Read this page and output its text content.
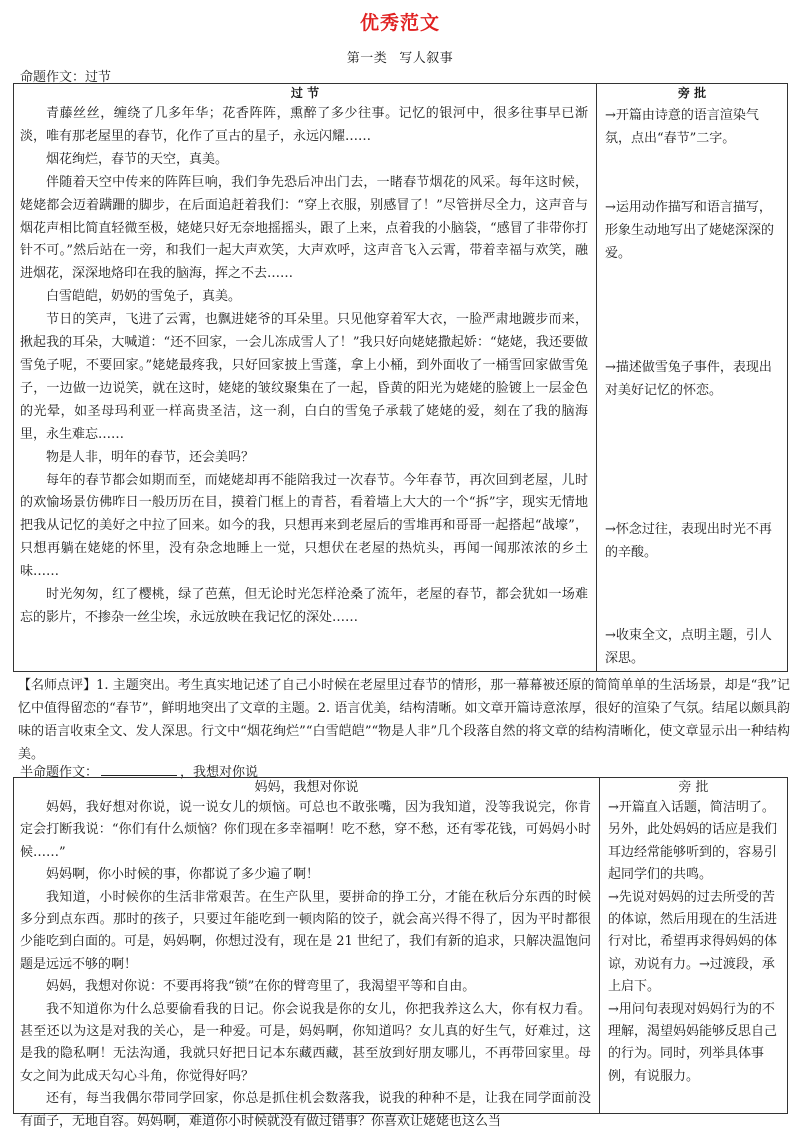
优秀范文
第一类 写人叙事
命题作文：过节
过 节

青藤丝丝，缠绕了几多年华；花香阵阵，熏醉了多少往事。记忆的银河中，很多往事早已渐淡，唯有那老屋里的春节，化作了亘古的星子，永远闪耀……

烟花绚烂，春节的天空，真美。

伴随着天空中传来的阵阵巨响，我们争先恐后冲出门去，一睹春节烟花的风采。每年这时候，姥姥都会迈着蹒跚的脚步，在后面追赶着我们：“穿上衣服，别感冒了！”尽管拼尽全力，这声音与烟花声相比简直轻微至极，姥姥只好无奈地摇摇头，跟了上来，点着我的小脑袋，“感冒了非带你打针不可。”然后站在一旁，和我们一起大声欢笑，大声欢呼，这声音飞入云霄，带着幸福与欢笑，融进烟花，深深地烙印在我的脑海，挥之不去……

白雪皑皑，奶奶的雪兔子，真美。

节日的笑声，飞进了云霄，也飘进姥爷的耳朵里。只见他穿着军大衣，一脸严肃地踱步而来，揪起我的耳朵，大喊道：“还不回家，一会儿冻成雪人了！”我只好向姥姥撒起娇：“姥姥，我还要做雪兔子呢，不要回家。”姥姥最疼我，只好回家披上雪蓬，拿上小桶，到外面收了一桶雪回家做雪兔子，一边做一边说笑，就在这时，姥姥的皱纹聚集在了一起，昏黄的阳光为姥姥的脸镀上一层金色的光晕，如圣母玛利亚一样高贵圣洁，这一刹，白白的雪兔子承载了姥姥的爱，刻在了我的脑海里，永生难忘……

物是人非，明年的春节，还会美吗？

每年的春节都会如期而至，而姥姥却再不能陪我过一次春节。今年春节，再次回到老屋，儿时的欢愉场景仿佛昨日一般历历在目，摸着门框上的青苔，看着墙上大大的一个“拆”字，现实无情地把我从记忆的美好之中拉了回来。如今的我，只想再来到老屋后的雪堆再和哥哥一起搭起“战壕”，只想再躺在姥姥的怀里，没有杂念地睡上一觉，只想伏在老屋的热炕头，再闻一闻那浓浓的乡土味……

时光匆匆，红了樱桃，绿了芭蕉，但无论时光怎样沧桑了流年，老屋的春节，都会犹如一场难忘的影片，不掺杂一丝尘埃，永远放映在我记忆的深处……

旁 批
→开篇由诗意的语言渲染气氛，点出“春节”二字。
→运用动作描写和语言描写，形象生动地写出了姥姥深深的爱。
→描述做雪兔子事件，表现出对美好记忆的怀恋。
→怀念过往，表现出时光不再的辛酸。
→收束全文，点明主题，引人深思。
【名师点评】1. 主题突出。考生真实地记述了自己小时候在老屋里过春节的情形，那一幕幕被还原的简简单单的生活场景，却是“我”记忆中值得留恋的“春节”，鲜明地突出了文章的主题。2. 语言优美，结构清晰。如文章开篇诗意浓厚，很好的渲染了气氛。结尾以颇具韵味的语言收束全文、发人深思。行文中“烟花绚烂”“白雪皑皑”“物是人非”几个段落自然的将文章的结构清晰化，使文章显示出一种结构美。
半命题作文：	，我想对你说
妈妈，我想对你说

妈妈，我好想对你说，说一说女儿的烦恼。可总也不敢张嘴，因为我知道，没等我说完，你肯定会打断我说：“你们有什么烦恼？你们现在多幸福啊！吃不愁，穿不愁，还有零花钱，可妈妈小时候……”

妈妈啊，你小时候的事，你都说了多少遍了啊！

我知道，小时候你的生活非常艰苦。在生产队里，要拼命的挣工分，才能在秋后分东西的时候多分到点东西。那时的孩子，只要过年能吃到一顿肉陷的饺子，就会高兴得不得了，因为平时都很少能吃到白面的。可是，妈妈啊，你想过没有，现在是 21 世纪了，我们有新的追求，只解决温饱问题是远远不够的啊！

妈妈，我想对你说：不要再将我“锁”在你的臂弯里了，我渴望平等和自由。

我不知道你为什么总要偷看我的日记。你会说我是你的女儿，你把我养这么大，你有权力看。甚至还以为这是对我的关心，是一种爱。可是，妈妈啊，你知道吗？女儿真的好生气，好难过，这是我的隐私啊！无法沟通，我就只好把日记本东藏西藏，甚至放到好朋友哪儿，不再带回家里。母女之间为此成天勾心斗角，你觉得好吗？

还有，每当我偶尔带同学回家，你总是抓住机会数落我，说我的种种不是，让我在同学面前没有面子，无地自容。妈妈啊，难道你小时候就没有做过错事？你喜欢让姥姥也这么当

旁 批
→开篇直入话题，简洁明了。另外，此处妈妈的话应是我们耳边经常能够听到的，容易引起同学们的共鸣。
→先说对妈妈的过去所受的苦的体谅，然后用现在的生活进行对比，希望再求得妈妈的体谅，劝说有力。→过渡段，承上启下。
→用问句表现对妈妈行为的不理解，渴望妈妈能够反思自己的行为。同时，列举具体事例，有说服力。
